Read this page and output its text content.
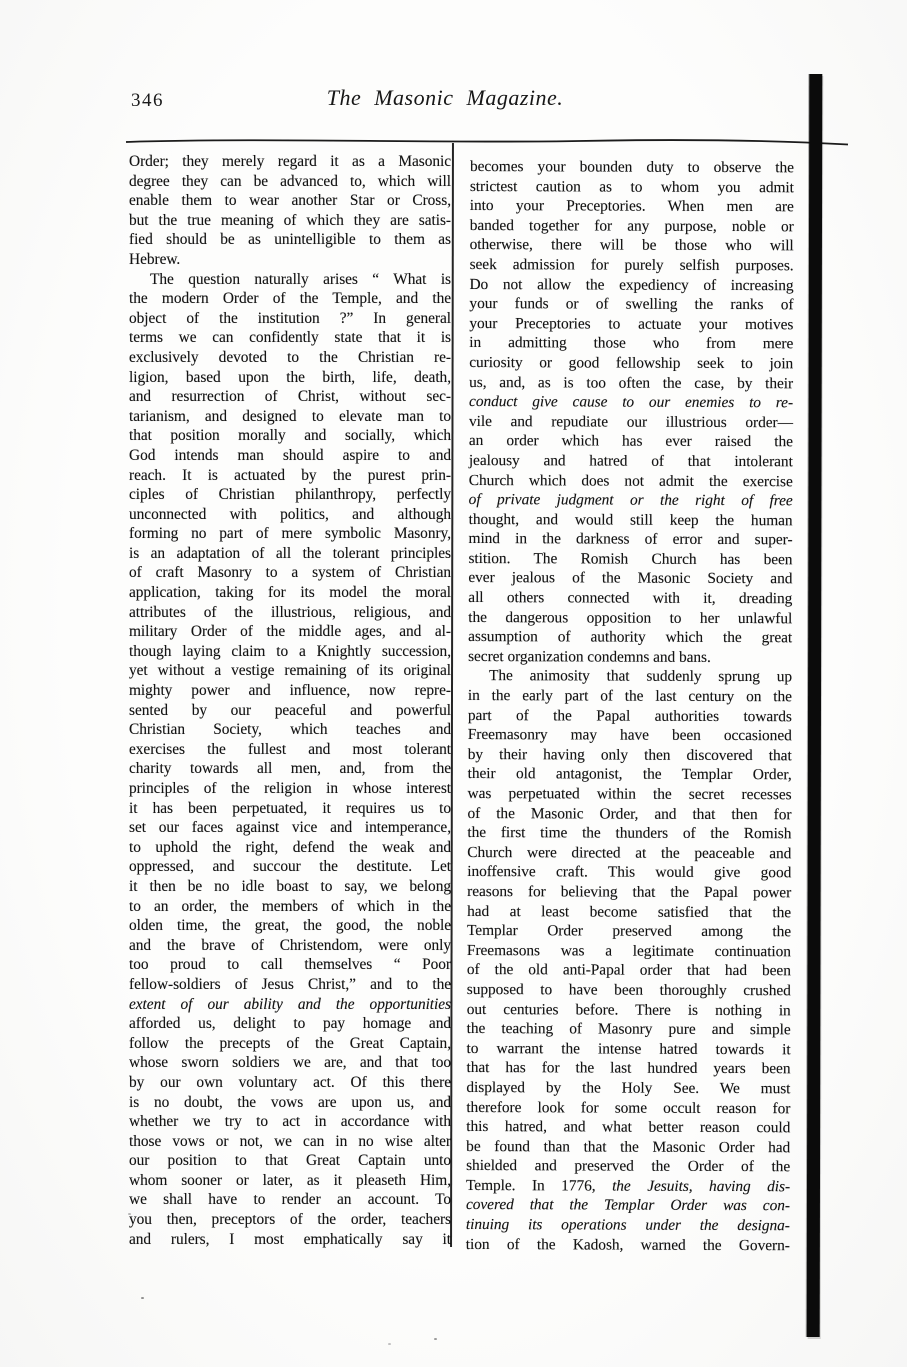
346	The Masonic Magazine.
Order; they merely regard it as a Masonic
degree they can be advanced to, which will
enable them to wear another Star or Cross,
but the true meaning of which they are satis-
fied should be as unintelligible to them as
Hebrew.
The question naturally arises “ What is
the modern Order of the Temple, and the
object of the institution ?” In general
terms we can confidently state that it is
exclusively devoted to the Christian re-
ligion, based upon the birth, life, death,
and resurrection of Christ, without sec-
tarianism, and designed to elevate man to
that position morally and socially, which
God intends man should aspire to and
reach. It is actuated by the purest prin-
ciples of Christian philanthropy, perfectly
unconnected with politics, and although
forming no part of mere symbolic Masonry,
is an adaptation of all the tolerant principles
of craft Masonry to a system of Christian
application, taking for its model the moral
attributes of the illustrious, religious, and
military Order of the middle ages, and al-
though laying claim to a Knightly succession,
yet without a vestige remaining of its original
mighty power and influence, now repre-
sented by our peaceful and powerful
Christian Society, which teaches and
exercises the fullest and most tolerant
charity towards all men, and, from the
principles of the religion in whose interest
it has been perpetuated, it requires us to
set our faces against vice and intemperance,
to uphold the right, defend the weak and
oppressed, and succour the destitute. Let
it then be no idle boast to say, we belong
to an order, the members of which in the
olden time, the great, the good, the noble
and the brave of Christendom, were only
too proud to call themselves “ Poor
fellow-soldiers of Jesus Christ,” and to the
extent of our ability and the opportunities
afforded us, delight to pay homage and
follow the precepts of the Great Captain,
whose sworn soldiers we are, and that too
by our own voluntary act. Of this there
is no doubt, the vows are upon us, and
whether we try to act in accordance with
those vows or not, we can in no wise alter
our position to that Great Captain unto
whom sooner or later, as it pleaseth Him,
we shall have to render an account. To
you then, preceptors of the order, teachers
and rulers, I most emphatically say it
becomes your bounden duty to observe the
strictest caution as to whom you admit
into your Preceptories. When men are
banded together for any purpose, noble or
otherwise, there will be those who will
seek admission for purely selfish purposes.
Do not allow the expediency of increasing
your funds or of swelling the ranks of
your Preceptories to actuate your motives
in admitting those who from mere
curiosity or good fellowship seek to join
us, and, as is too often the case, by their
conduct give cause to our enemies to re-
vile and repudiate our illustrious order—
an order which has ever raised the
jealousy and hatred of that intolerant
Church which does not admit the exercise
of private judgment or the right of free
thought, and would still keep the human
mind in the darkness of error and super-
stition. The Romish Church has been
ever jealous of the Masonic Society and
all others connected with it, dreading
the dangerous opposition to her unlawful
assumption of authority which the great
secret organization condemns and bans.
The animosity that suddenly sprung up
in the early part of the last century on the
part of the Papal authorities towards
Freemasonry may have been occasioned
by their having only then discovered that
their old antagonist, the Templar Order,
was perpetuated within the secret recesses
of the Masonic Order, and that then for
the first time the thunders of the Romish
Church were directed at the peaceable and
inoffensive craft. This would give good
reasons for believing that the Papal power
had at least become satisfied that the
Templar Order preserved among the
Freemasons was a legitimate continuation
of the old anti-Papal order that had been
supposed to have been thoroughly crushed
out centuries before. There is nothing in
the teaching of Masonry pure and simple
to warrant the intense hatred towards it
that has for the last hundred years been
displayed by the Holy See. We must
therefore look for some occult reason for
this hatred, and what better reason could
be found than that the Masonic Order had
shielded and preserved the Order of the
Temple. In 1776, the Jesuits, having dis-
covered that the Templar Order was con-
tinuing its operations under the designa-
tion of the Kadosh, warned the Govern-
